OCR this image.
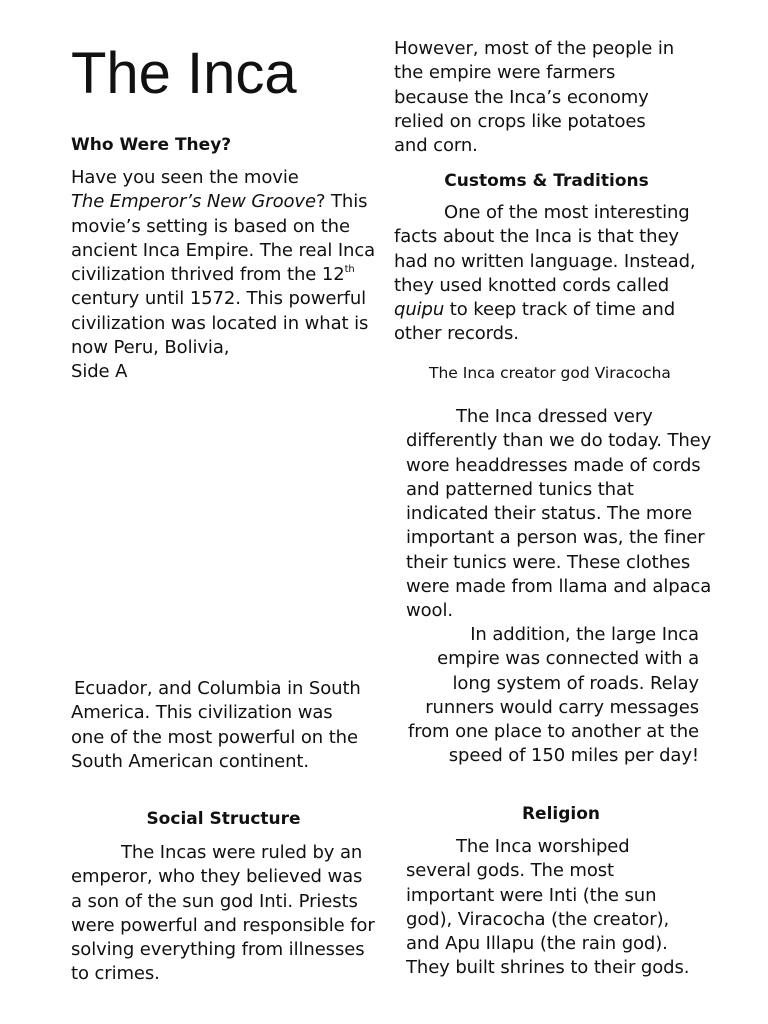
The Inca
Who Were They?
Have you seen the movie
The Emperor’s New Groove? This movie’s setting is based on the ancient Inca Empire. The real Inca civilization thrived from the 12th century until 1572. This powerful civilization was located in what is now Peru, Bolivia,
Side A
Ecuador, and Columbia in South America. This civilization was one of the most powerful on the South American continent.
Social Structure
The Incas were ruled by an emperor, who they believed was a son of the sun god Inti. Priests were powerful and responsible for solving everything from illnesses to crimes.
However, most of the people in the empire were farmers because the Inca’s economy relied on crops like potatoes and corn.
Customs & Traditions
One of the most interesting facts about the Inca is that they had no written language. Instead, they used knotted cords called quipu to keep track of time and other records.
The Inca creator god Viracocha
The Inca dressed very differently than we do today. They wore headdresses made of cords and patterned tunics that indicated their status. The more important a person was, the finer their tunics were. These clothes were made from llama and alpaca wool.
In addition, the large Inca empire was connected with a long system of roads. Relay runners would carry messages from one place to another at the speed of 150 miles per day!
Religion
The Inca worshiped several gods. The most important were Inti (the sun god), Viracocha (the creator), and Apu Illapu (the rain god). They built shrines to their gods.
